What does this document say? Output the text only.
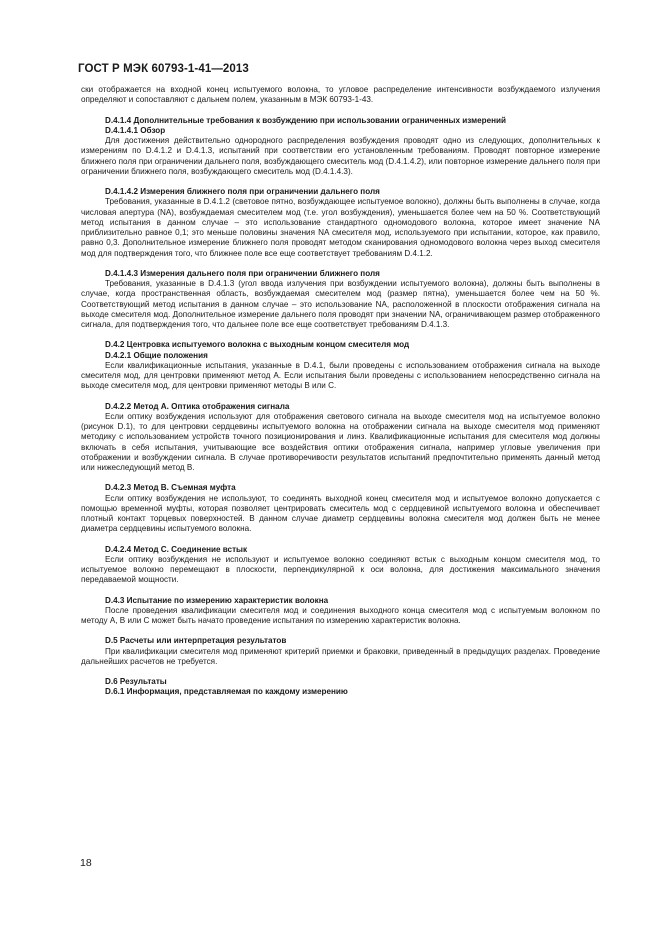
ГОСТ Р МЭК 60793-1-41—2013

ски отображается на входной конец испытуемого волокна, то угловое распределение интенсивности возбуждаемого излучения определяют и сопоставляют с дальнем полем, указанным в МЭК 60793-1-43.

D.4.1.4 Дополнительные требования к возбуждению при использовании ограниченных измерений
D.4.1.4.1 Обзор

Для достижения действительно однородного распределения возбуждения проводят одно из следующих, дополнительных к измерениям по D.4.1.2 и D.4.1.3, испытаний при соответствии его установленным требованиям. Проводят повторное измерение ближнего поля при ограничении дальнего поля, возбуждающего смеситель мод (D.4.1.4.2), или повторное измерение дальнего поля при ограничении ближнего поля, возбуждающего смеситель мод (D.4.1.4.3).

D.4.1.4.2 Измерения ближнего поля при ограничении дальнего поля

Требования, указанные в D.4.1.2 (световое пятно, возбуждающее испытуемое волокно), должны быть выполнены в случае, когда числовая апертура (NA), возбуждаемая смесителем мод (т.е. угол возбуждения), уменьшается более чем на 50 %. Соответствующий метод испытания в данном случае – это использование стандартного одномодового волокна, которое имеет значение NA приблизительно равное 0,1; это меньше половины значения NA смесителя мод, используемого при испытании, которое, как правило, равно 0,3. Дополнительное измерение ближнего поля проводят методом сканирования одномодового волокна через выход смесителя мод для подтверждения того, что ближнее поле все еще соответствует требованиям D.4.1.2.

D.4.1.4.3 Измерения дальнего поля при ограничении ближнего поля

Требования, указанные в D.4.1.3 (угол ввода излучения при возбуждении испытуемого волокна), должны быть выполнены в случае, когда пространственная область, возбуждаемая смесителем мод (размер пятна), уменьшается более чем на 50 %. Соответствующий метод испытания в данном случае – это использование NA, расположенной в плоскости отображения сигнала на выходе смесителя мод. Дополнительное измерение дальнего поля проводят при значении NA, ограничивающем размер отображенного сигнала, для подтверждения того, что дальнее поле все еще соответствует требованиям D.4.1.3.

D.4.2 Центровка испытуемого волокна с выходным концом смесителя мод
D.4.2.1 Общие положения

Если квалификационные испытания, указанные в D.4.1, были проведены с использованием отображения сигнала на выходе смесителя мод, для центровки применяют метод А. Если испытания были проведены с использованием непосредственно сигнала на выходе смесителя мод, для центровки применяют методы В или С.

D.4.2.2 Метод А. Оптика отображения сигнала

Если оптику возбуждения используют для отображения светового сигнала на выходе смесителя мод на испытуемое волокно (рисунок D.1), то для центровки сердцевины испытуемого волокна на отображении сигнала на выходе смесителя мод применяют методику с использованием устройств точного позиционирования и линз. Квалификационные испытания для смесителя мод должны включать в себя испытания, учитывающие все воздействия оптики отображения сигнала, например угловые увеличения при отображении и возбуждении сигнала. В случае противоречивости результатов испытаний предпочтительно применять данный метод или нижеследующий метод В.

D.4.2.3 Метод В. Съемная муфта

Если оптику возбуждения не используют, то соединять выходной конец смесителя мод и испытуемое волокно допускается с помощью временной муфты, которая позволяет центрировать смеситель мод с сердцевиной испытуемого волокна и обеспечивает плотный контакт торцевых поверхностей. В данном случае диаметр сердцевины волокна смесителя мод должен быть не менее диаметра сердцевины испытуемого волокна.

D.4.2.4 Метод С. Соединение встык

Если оптику возбуждения не используют и испытуемое волокно соединяют встык с выходным концом смесителя мод, то испытуемое волокно перемещают в плоскости, перпендикулярной к оси волокна, для достижения максимального значения передаваемой мощности.

D.4.3 Испытание по измерению характеристик волокна

После проведения квалификации смесителя мод и соединения выходного конца смесителя мод с испытуемым волокном по методу А, В или С может быть начато проведение испытания по измерению характеристик волокна.

D.5 Расчеты или интерпретация результатов

При квалификации смесителя мод применяют критерий приемки и браковки, приведенный в предыдущих разделах. Проведение дальнейших расчетов не требуется.

D.6 Результаты
D.6.1 Информация, представляемая по каждому измерению
18
